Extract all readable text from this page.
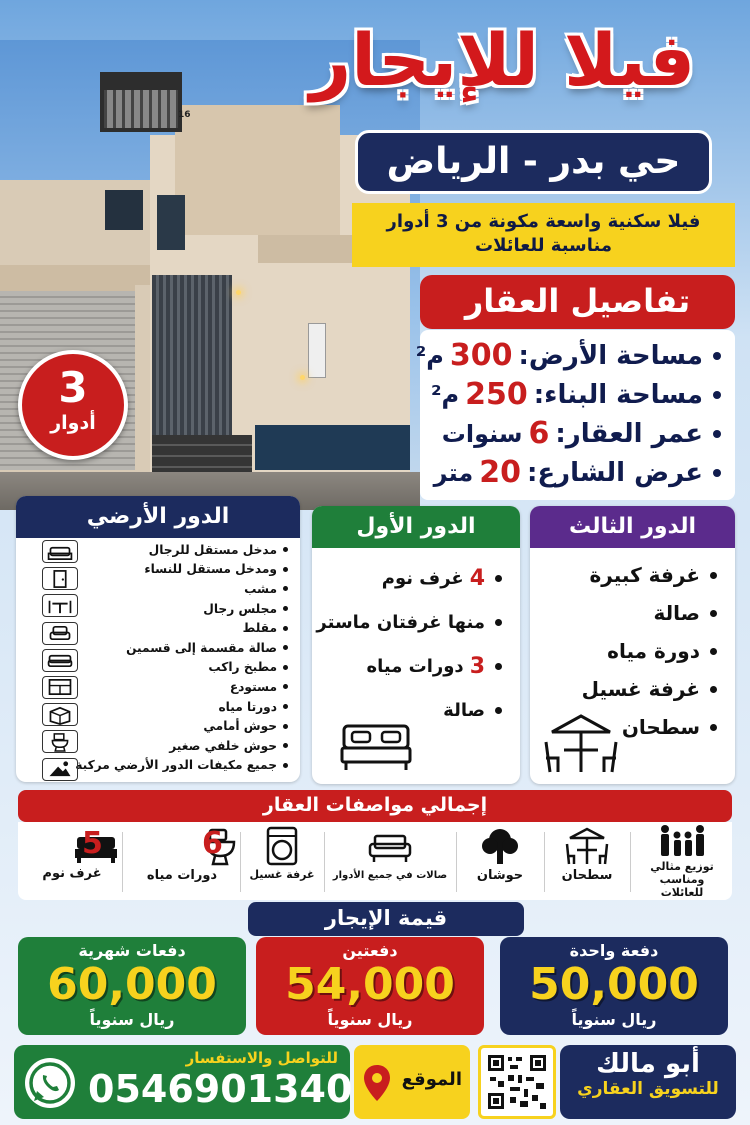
16
3
أدوار
فيلا للإيجار
حي بدر - الرياض
فيلا سكنية واسعة مكونة من 3 أدوار
مناسبة للعائلات
تفاصيل العقار
مساحة الأرض:
300
م²
مساحة البناء:
250
م²
عمر العقار:
6
سنوات
عرض الشارع:
20
متر
الدور الأرضي
مدخل مستقل للرجال
ومدخل مستقل للنساء
مشب
مجلس رجال
مقلط
صالة مقسمة إلى قسمين
مطبخ راكب
مستودع
دورتا مياه
حوش أمامي
حوش خلفي صغير
جميع مكيفات الدور الأرضي مركبة
الدور الأول
4
غرف نوم
منها غرفتان ماستر
3
دورات مياه
صالة
الدور الثالث
غرفة كبيرة
صالة
دورة مياه
غرفة غسيل
سطحان
إجمالي مواصفات العقار
5
غرف نوم
6
دورات مياه	غرفة غسيل	صالات في جميع الأدوار	حوشان	سطحان
توزيع مثالي ومناسب للعائلات
قيمة الإيجار
دفعات شهرية
60,000
ريال سنوياً
دفعتين
54,000
ريال سنوياً
دفعة واحدة
50,000
ريال سنوياً
للتواصل والاستفسار
0546901340	الموقع
أبو مالك
للتسويق العقاري
